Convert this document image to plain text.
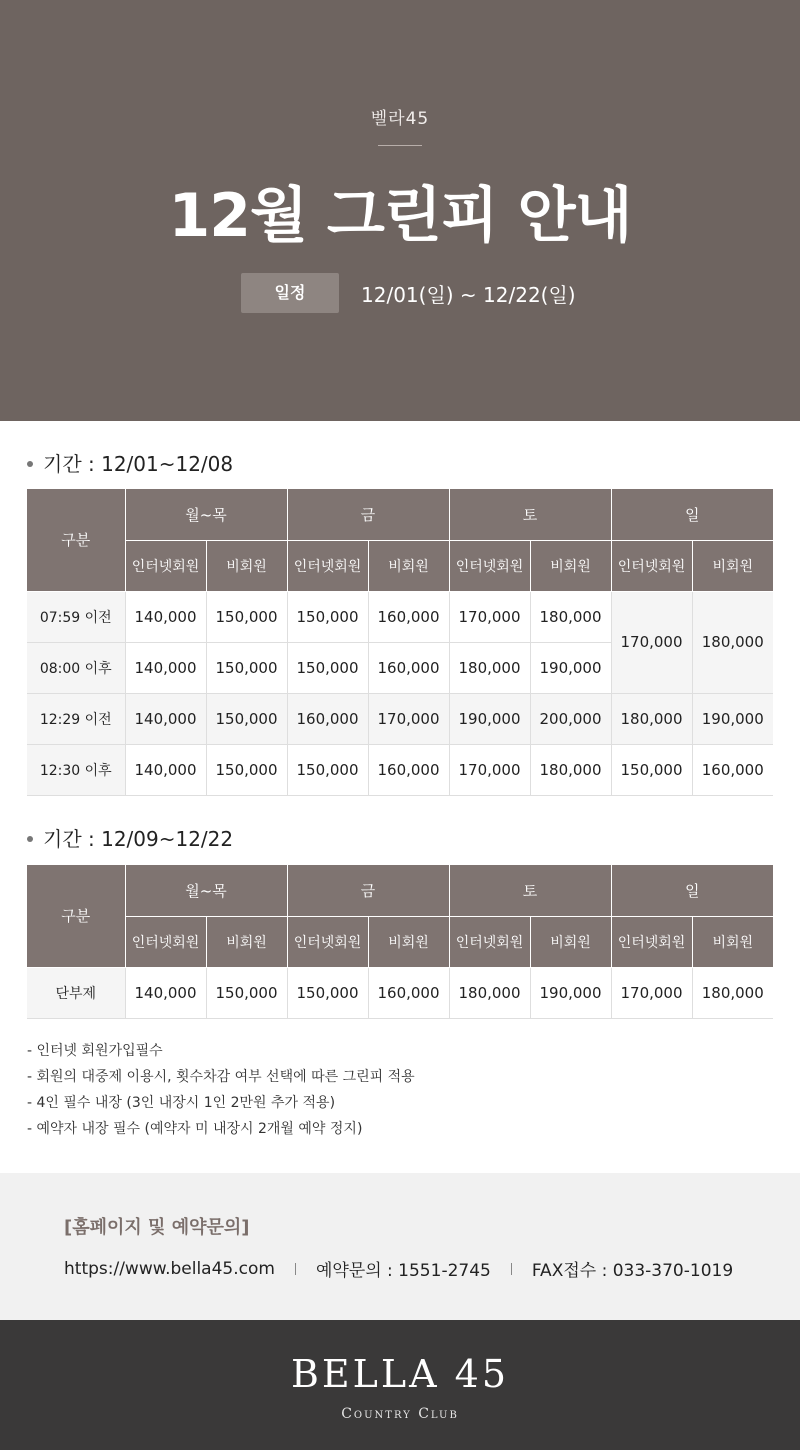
벨라45
12월 그린피 안내
일정	12/01(일) ~ 12/22(일)
기간 : 12/01~12/08
구분	월~목		금		토		일	
	인터넷회원	비회원	인터넷회원	비회원	인터넷회원	비회원	인터넷회원	비회원
07:59 이전	140,000	150,000	150,000	160,000	170,000	180,000	170,000	180,000
08:00 이후	140,000	150,000	150,000	160,000	180,000	190,000		
12:29 이전	140,000	150,000	160,000	170,000	190,000	200,000	180,000	190,000
12:30 이후	140,000	150,000	150,000	160,000	170,000	180,000	150,000	160,000
기간 : 12/09~12/22
구분	월~목		금		토		일	
	인터넷회원	비회원	인터넷회원	비회원	인터넷회원	비회원	인터넷회원	비회원
단부제	140,000	150,000	150,000	160,000	180,000	190,000	170,000	180,000
- 인터넷 회원가입필수
- 회원의 대중제 이용시, 횟수차감 여부 선택에 따른 그린피 적용
- 4인 필수 내장 (3인 내장시 1인 2만원 추가 적용)
- 예약자 내장 필수 (예약자 미 내장시 2개월 예약 정지)
[홈페이지 및 예약문의]
https://www.bella45.com 예약문의 : 1551-2745 FAX접수 : 033-370-1019
BELLA 45
Country Club
